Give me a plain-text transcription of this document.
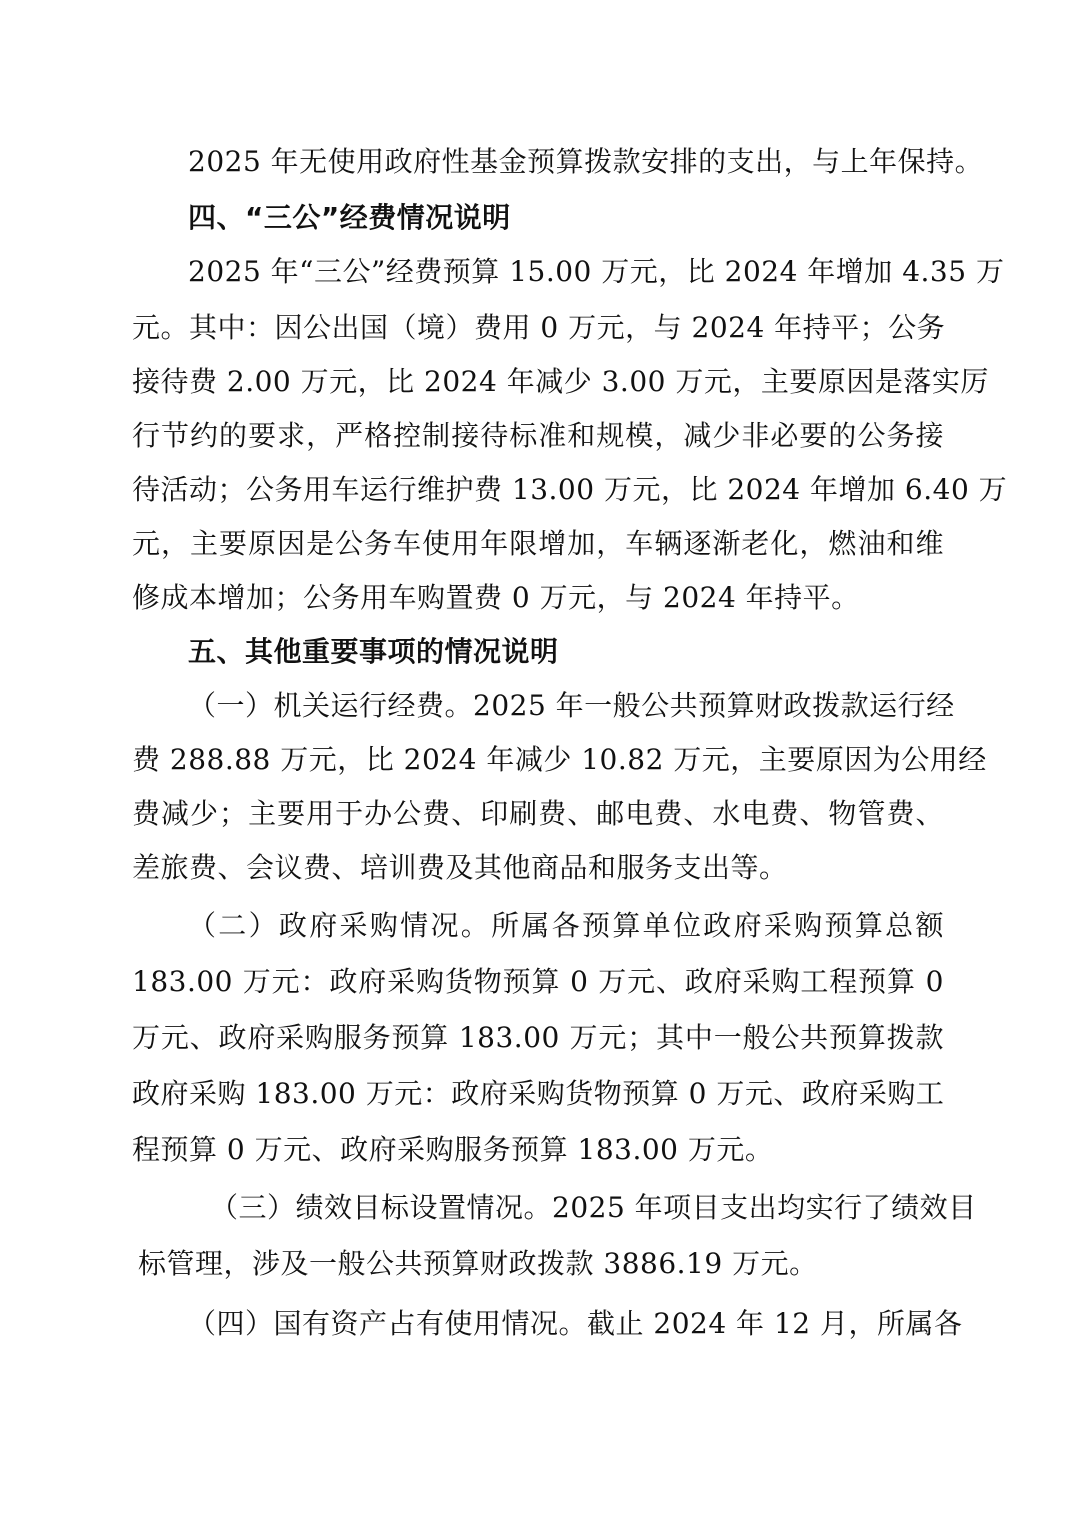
2025 年无使用政府性基金预算拨款安排的支出，与上年保持。
四、“三公”经费情况说明
2025 年“三公”经费预算 15.00 万元，比 2024 年增加 4.35 万
元。其中：因公出国（境）费用 0 万元，与 2024 年持平；公务
接待费 2.00 万元，比 2024 年减少 3.00 万元，主要原因是落实厉
行节约的要求，严格控制接待标准和规模，减少非必要的公务接
待活动；公务用车运行维护费 13.00 万元，比 2024 年增加 6.40 万
元，主要原因是公务车使用年限增加，车辆逐渐老化，燃油和维
修成本增加；公务用车购置费 0 万元，与 2024 年持平。
五、其他重要事项的情况说明
（一）机关运行经费。2025 年一般公共预算财政拨款运行经
费 288.88 万元，比 2024 年减少 10.82 万元，主要原因为公用经
费减少；主要用于办公费、印刷费、邮电费、水电费、物管费、
差旅费、会议费、培训费及其他商品和服务支出等。
（二）政府采购情况。所属各预算单位政府采购预算总额
183.00 万元：政府采购货物预算 0 万元、政府采购工程预算 0
万元、政府采购服务预算 183.00 万元；其中一般公共预算拨款
政府采购 183.00 万元：政府采购货物预算 0 万元、政府采购工
程预算 0 万元、政府采购服务预算 183.00 万元。
（三）绩效目标设置情况。2025 年项目支出均实行了绩效目
标管理，涉及一般公共预算财政拨款 3886.19 万元。
（四）国有资产占有使用情况。截止 2024 年 12 月，所属各
